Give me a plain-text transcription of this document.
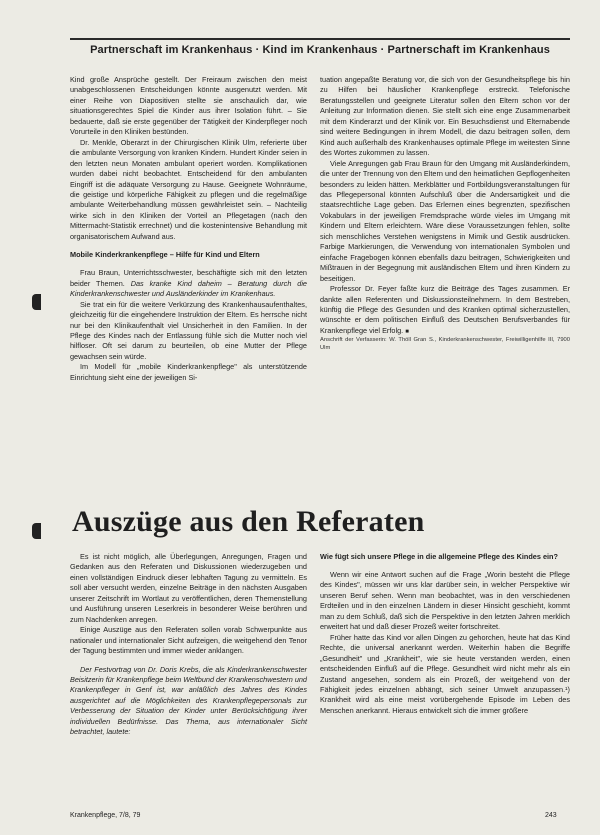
Partnerschaft im Krankenhaus · Kind im Krankenhaus · Partnerschaft im Krankenhaus

Kind große Ansprüche gestellt. Der Freiraum zwischen den meist unabgeschlossenen Entscheidungen könnte ausgenutzt werden. Mit einer Reihe von Diapositiven stellte sie anschaulich dar, wie situationsgerechtes Spiel die Kinder aus ihrer Isolation führt. – Sie bedauerte, daß sie erste gegenüber der Tätigkeit der Kinderpfleger noch Vorurteile in den Kliniken bestünden.

Dr. Menkle, Oberarzt in der Chirurgischen Klinik Ulm, referierte über die ambulante Versorgung von kranken Kindern. Hundert Kinder seien in den letzten neun Monaten ambulant operiert worden. Komplikationen wurden dabei nicht beobachtet. Entscheidend für den ambulanten Eingriff ist die adäquate Versorgung zu Hause. Geeignete Wohnräume, die geistige und körperliche Fähigkeit zu pflegen und die regelmäßige ambulante Weiterbehandlung müssen gewährleistet sein. – Nachteilig wirke sich in den Kliniken der Vorteil an Pflegetagen (nach den Mittermacht-Statistik errechnet) und die kostenintensive Behandlung mit organisatorischem Aufwand aus.

Mobile Kinderkrankenpflege – Hilfe für Kind und Eltern

Frau Braun, Unterrichtsschwester, beschäftigte sich mit den letzten beider Themen. Das kranke Kind daheim – Beratung durch die Kinderkrankenschwester und Ausländerkinder im Krankenhaus.

Sie trat ein für die weitere Verkürzung des Krankenhausaufenthaltes, gleichzeitig für die eingehendere Instruktion der Eltern. Es herrsche nicht nur bei den Klinikaufenthalt viel Unsicherheit in den Familien. In der Pflege des Kindes nach der Entlassung fühle sich die Mutter noch viel hilfloser. Oft sei darum zu beurteilen, ob eine Mutter der Pflege gewachsen sein würde.

Im Modell für „mobile Kinderkrankenpflege" als unterstützende Einrichtung sieht eine der jeweiligen Si-

tuation angepaßte Beratung vor, die sich von der Gesundheitspflege bis hin zu Hilfen bei häuslicher Krankenpflege erstreckt. Telefonische Beratungsstellen und geeignete Literatur sollen den Eltern schon vor der Anleitung zur Information dienen. Sie stellt sich eine enge Zusammenarbeit mit dem Kinderarzt und der Klinik vor. Ein Besuchsdienst und Elternabende sind weitere Bedingungen in ihrem Modell, die dazu beitragen sollen, dem Kind auch außerhalb des Krankenhauses optimale Pflege im weitesten Sinne des Wortes zukommen zu lassen.

Viele Anregungen gab Frau Braun für den Umgang mit Ausländerkindern, die unter der Trennung von den Eltern und den heimatlichen Gepflogenheiten besonders zu leiden hätten. Merkblätter und Fortbildungsveranstaltungen für das Pflegepersonal könnten Aufschluß über die Andersartigkeit und die staatsrechtliche Lage geben. Das Erlernen eines begrenzten, spezifischen Vokabulars in der jeweiligen Fremdsprache würde vieles im Umgang mit Kindern und Eltern erleichtern. Wäre diese Voraussetzungen fehlen, sollte sich menschliches Verstehen wenigstens in Mimik und Gestik ausdrücken. Farbige Markierungen, die Verwendung von internationalen Symbolen und einfache Fragebogen können ebenfalls dazu beitragen, Schwierigkeiten und Mißtrauen in der Begegnung mit ausländischen Eltern und ihren Kindern zu beseitigen.

Professor Dr. Feyer faßte kurz die Beiträge des Tages zusammen. Er dankte allen Referenten und Diskussionsteilnehmern. In dem Bestreben, künftig die Pflege des Gesunden und des Kranken optimal sicherzustellen, wünschte er dem politischen Einfluß des Deutschen Berufsverbandes für Krankenpflege viel Erfolg. ■

Anschrift der Verfasserin: W. Thöll Gran S., Kinderkrankenschwester, Freiwilligenhilfe III, 7900 Ulm

Auszüge aus den Referaten

Es ist nicht möglich, alle Überlegungen, Anregungen, Fragen und Gedanken aus den Referaten und Diskussionen wiederzugeben und einen vollständigen Eindruck dieser lebhaften Tagung zu vermitteln. Es soll aber versucht werden, einzelne Beiträge in den nächsten Ausgaben unserer Zeitschrift im Wortlaut zu veröffentlichen, deren Themenstellung und Ausführung unseren Leserkreis in besonderer Weise berühren und zum Nachdenken anregen.

Einige Auszüge aus den Referaten sollen vorab Schwerpunkte aus nationaler und internationaler Sicht aufzeigen, die weitgehend den Tenor der Tagung bestimmten und immer wieder anklangen.

Der Festvortrag von Dr. Doris Krebs, die als Kinderkrankenschwester Beisitzerin für Krankenpflege beim Weltbund der Krankenschwestern und Krankenpfleger in Genf ist, war anläßlich des Jahres des Kindes ausgerichtet auf die Möglichkeiten des Krankenpflegepersonals zur Verbesserung der Situation der Kinder unter Berücksichtigung ihrer individuellen Bedürfnisse. Das Thema, aus internationaler Sicht betrachtet, lautete:

Wie fügt sich unsere Pflege in die allgemeine Pflege des Kindes ein?

Wenn wir eine Antwort suchen auf die Frage „Worin besteht die Pflege des Kindes", müssen wir uns klar darüber sein, in welcher Perspektive wir unseren Beruf sehen. Wenn man beobachtet, was in den verschiedenen Erdteilen und in den einzelnen Ländern in dieser Hinsicht geschieht, kommt man zu dem Schluß, daß sich die Perspektive in den letzten Jahren merklich erweitert hat und daß dieser Prozeß weiter fortschreitet.

Früher hatte das Kind vor allen Dingen zu gehorchen, heute hat das Kind Rechte, die universal anerkannt werden. Weiterhin haben die Begriffe „Gesundheit" und „Krankheit", wie sie heute verstanden werden, einen entscheidenden Einfluß auf die Pflege. Gesundheit wird nicht mehr als ein Zustand angesehen, sondern als ein Prozeß, der weitgehend von der Fähigkeit jedes einzelnen abhängt, sich seiner Umwelt anzupassen.¹) Krankheit wird als eine meist vorübergehende Episode im Leben des Menschen anerkannt. Hieraus entwickelt sich die immer größere

Krankenpflege, 7/8, 79	243
